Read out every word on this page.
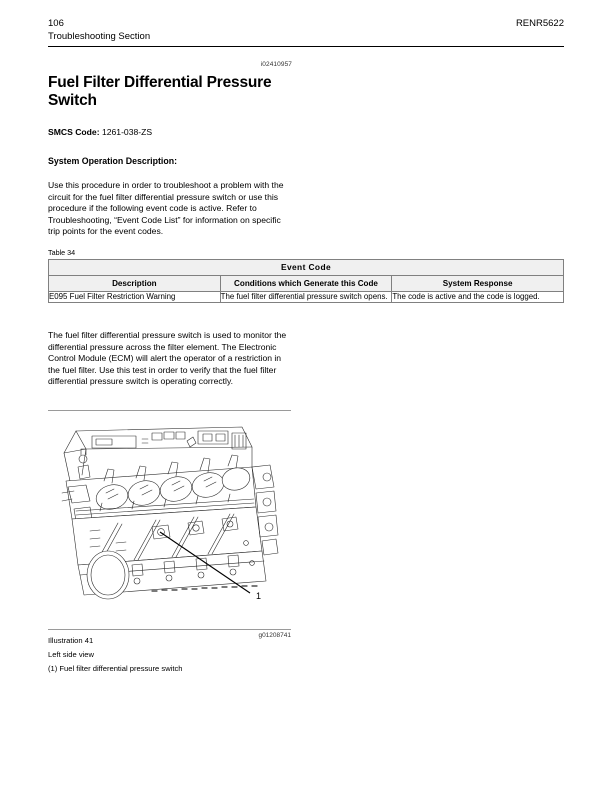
106	RENR5622
Troubleshooting Section
i02410957
Fuel Filter Differential Pressure Switch
SMCS Code: 1261-038-ZS
System Operation Description:

Use this procedure in order to troubleshoot a problem with the circuit for the fuel filter differential pressure switch or use this procedure if the following event code is active. Refer to Troubleshooting, “Event Code List” for information on specific trip points for the event codes.

Table 34
Event Code		
Description	Conditions which Generate this Code	System Response
E095 Fuel Filter Restriction Warning	The fuel filter differential pressure switch opens.	The code is active and the code is logged.

The fuel filter differential pressure switch is used to monitor the differential pressure across the filter element. The Electronic Control Module (ECM) will alert the operator of a restriction in the fuel filter. Use this test in order to verify that the fuel filter differential pressure switch is operating correctly.

1
g01208741
Illustration 41
Left side view
(1) Fuel filter differential pressure switch
